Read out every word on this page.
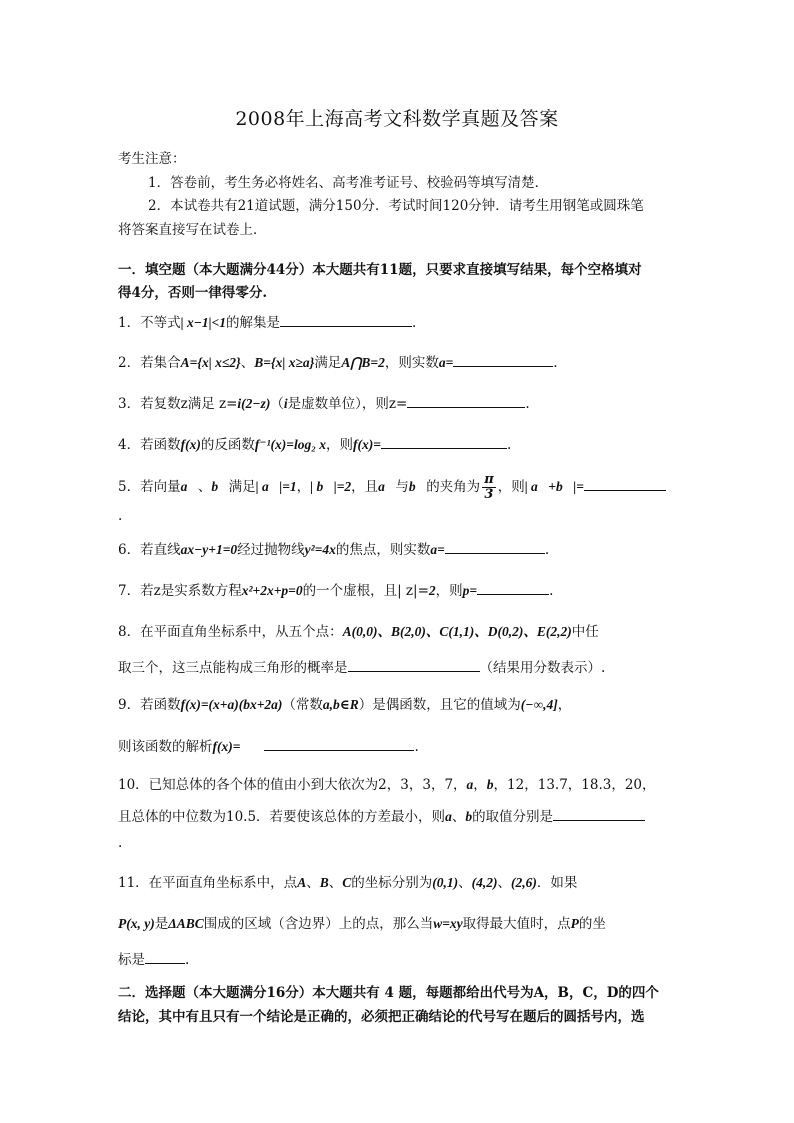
2008年上海高考文科数学真题及答案
考生注意：
1．答卷前，考生务必将姓名、高考准考证号、校验码等填写清楚．
2．本试卷共有21道试题，满分150分．考试时间120分钟．请考生用钢笔或圆珠笔
将答案直接写在试卷上．
一．填空题（本大题满分44分）本大题共有11题，只要求直接填写结果，每个空格填对
得4分，否则一律得零分.
1．不等式| x−1|<1的解集是	.
2．若集合A={x| x≤2}、B={x| x≥a}满足A⋂B=2，则实数a=	.
3．若复数z满足 z=i(2−z)（i是虚数单位），则z=	.
4．若函数f(x)的反函数f⁻¹(x)=log₂ x，则f(x)=	.
5．若向量a⃗、b⃗满足| a⃗|=1，| b⃗|=2，且a⃗与b⃗的夹角为 $\frac{\pi}{3}$ ，则| a⃗+b⃗|=
.
6．若直线ax−y+1=0经过抛物线y²=4x的焦点，则实数a=	.
7．若z是实系数方程x²+2x+p=0的一个虚根，且| z|=2，则p=	.
8．在平面直角坐标系中，从五个点：A(0,0)、B(2,0)、C(1,1)、D(0,2)、E(2,2)中任
取三个，这三点能构成三角形的概率是	（结果用分数表示）.
9．若函数f(x)=(x+a)(bx+2a)（常数a,b∈R）是偶函数，且它的值域为(−∞,4]，
则该函数的解析f(x)=	.
10．已知总体的各个体的值由小到大依次为2，3，3，7，a，b，12，13.7，18.3，20，
且总体的中位数为10.5．若要使该总体的方差最小，则a、b的取值分别是
.
11．在平面直角坐标系中，点A、B、C的坐标分别为(0,1)、(4,2)、(2,6)．如果
P(x, y)是ΔABC围成的区域（含边界）上的点，那么当w=xy取得最大值时，点P的坐
标是	.
二．选择题（本大题满分16分）本大题共有 4 题，每题都给出代号为A，B，C，D的四个
结论，其中有且只有一个结论是正确的，必须把正确结论的代号写在题后的圆括号内，选
